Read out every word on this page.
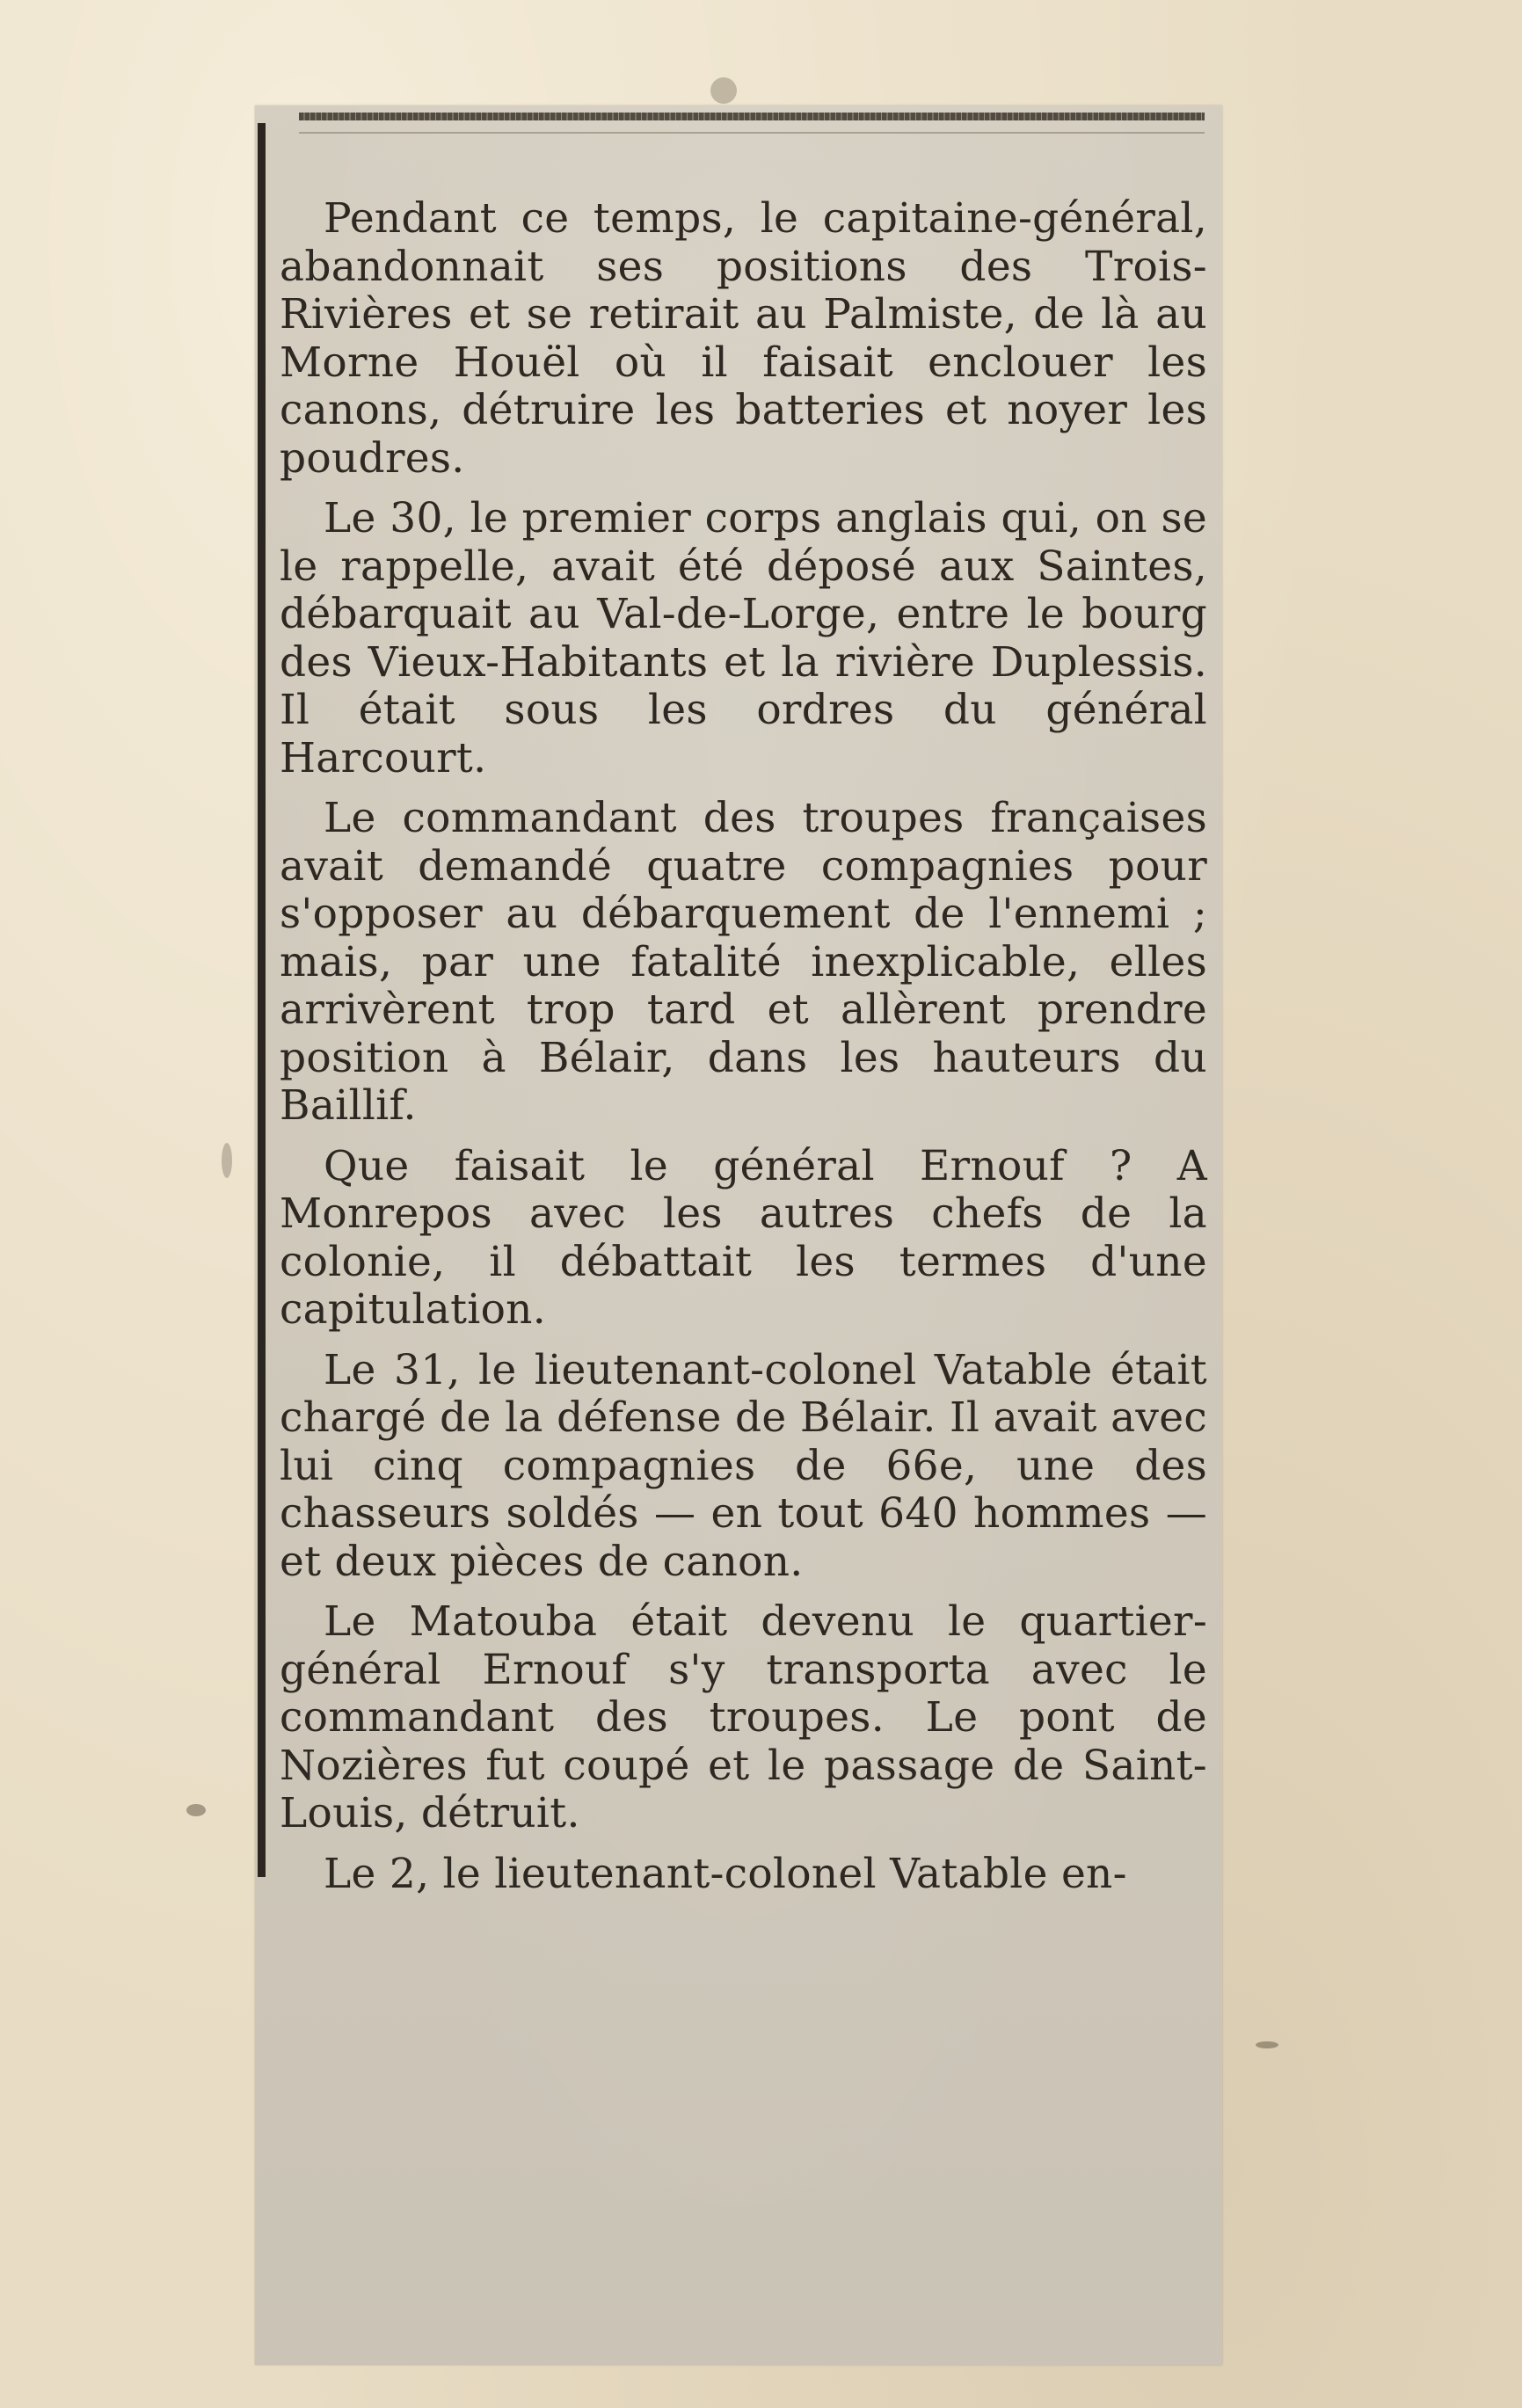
Pendant ce temps, le capitaine-général, abandonnait ses positions des Trois-Rivières et se retirait au Palmiste, de là au Morne Houël où il faisait enclouer les canons, détruire les batteries et noyer les poudres.

Le 30, le premier corps anglais qui, on se le rappelle, avait été déposé aux Saintes, débarquait au Val-de-Lorge, entre le bourg des Vieux-Habitants et la rivière Duplessis. Il était sous les ordres du général Harcourt.

Le commandant des troupes françaises avait demandé quatre compagnies pour s'opposer au débarquement de l'ennemi ; mais, par une fatalité inexplicable, elles arrivèrent trop tard et allèrent prendre position à Bélair, dans les hauteurs du Baillif.

Que faisait le général Ernouf ? A Monrepos avec les autres chefs de la colonie, il débattait les termes d'une capitulation.

Le 31, le lieutenant-colonel Vatable était chargé de la défense de Bélair. Il avait avec lui cinq compagnies de 66e, une des chasseurs soldés — en tout 640 hommes — et deux pièces de canon.

Le Matouba était devenu le quartier-général Ernouf s'y transporta avec le commandant des troupes. Le pont de Nozières fut coupé et le passage de Saint-Louis, détruit.

Le 2, le lieutenant-colonel Vatable en-
